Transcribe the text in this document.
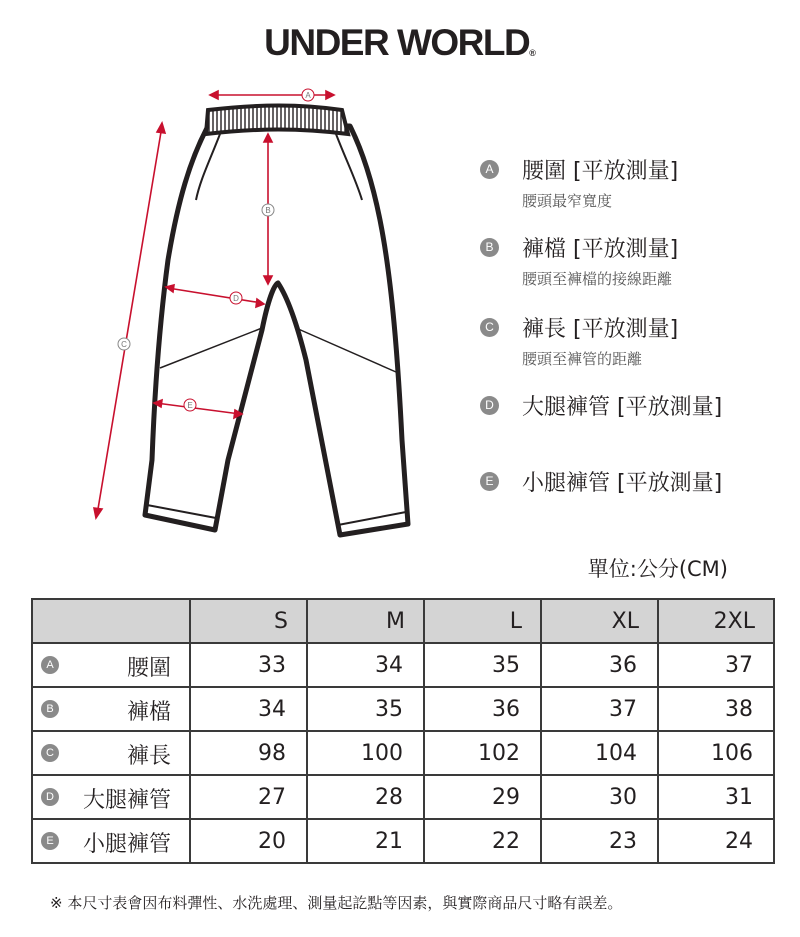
UNDER WORLD®
A
B
C
D
E
A 腰圍 [平放測量]
腰頭最窄寬度
B 褲檔 [平放測量]
腰頭至褲檔的接線距離
C 褲長 [平放測量]
腰頭至褲管的距離
D 大腿褲管 [平放測量]
E 小腿褲管 [平放測量]
單位:公分(CM)
	S	M	L	XL	2XL

A 腰圍	33	34	35	36	37

B 褲檔	34	35	36	37	38

C 褲長	98	100	102	104	106

D 大腿褲管	27	28	29	30	31

E 小腿褲管	20	21	22	23	24
※ 本尺寸表會因布料彈性、水洗處理、測量起訖點等因素，與實際商品尺寸略有誤差。
